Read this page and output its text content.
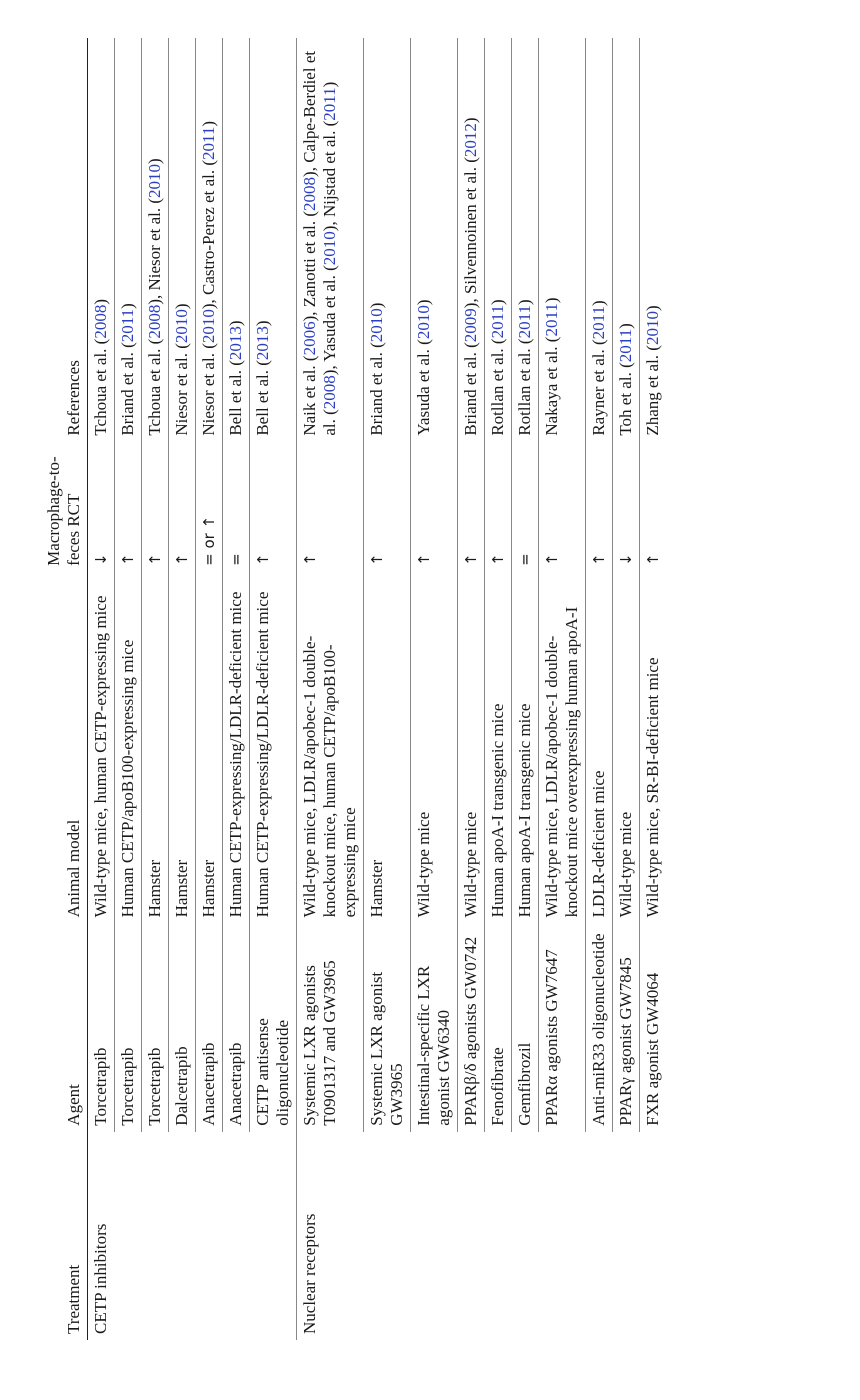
Treatment	Agent	Animal model	Macrophage-to-feces RCT	References
CETP inhibitors	Torcetrapib	Wild-type mice, human CETP-expressing mice	↓	Tchoua et al. (2008)
	Torcetrapib	Human CETP/apoB100-expressing mice	↑	Briand et al. (2011)
	Torcetrapib	Hamster	↑	Tchoua et al. (2008), Niesor et al. (2010)
	Dalcetrapib	Hamster	↑	Niesor et al. (2010)
	Anacetrapib	Hamster	= or ↑	Niesor et al. (2010), Castro-Perez et al. (2011)
	Anacetrapib	Human CETP-expressing/LDLR-deficient mice	=	Bell et al. (2013)
	CETP antisense oligonucleotide	Human CETP-expressing/LDLR-deficient mice	↑	Bell et al. (2013)
Nuclear receptors	Systemic LXR agonists T0901317 and GW3965	Wild-type mice, LDLR/apobec-1 double-knockout mice, human CETP/apoB100-expressing mice	↑	Naik et al. (2006), Zanotti et al. (2008), Calpe-Berdiel et al. (2008), Yasuda et al. (2010), Nijstad et al. (2011)
	Systemic LXR agonist GW3965	Hamster	↑	Briand et al. (2010)
	Intestinal-specific LXR agonist GW6340	Wild-type mice	↑	Yasuda et al. (2010)
	PPARβ/δ agonists GW0742	Wild-type mice	↑	Briand et al. (2009), Silvennoinen et al. (2012)
	Fenofibrate	Human apoA-I transgenic mice	↑	Rotllan et al. (2011)
	Gemfibrozil	Human apoA-I transgenic mice	=	Rotllan et al. (2011)
	PPARα agonists GW7647	Wild-type mice, LDLR/apobec-1 double-knockout mice overexpressing human apoA-I	↑	Nakaya et al. (2011)
	Anti-miR33 oligonucleotide	LDLR-deficient mice	↑	Rayner et al. (2011)
	PPARγ agonist GW7845	Wild-type mice	↓	Toh et al. (2011)
	FXR agonist GW4064	Wild-type mice, SR-BI-deficient mice	↑	Zhang et al. (2010)
